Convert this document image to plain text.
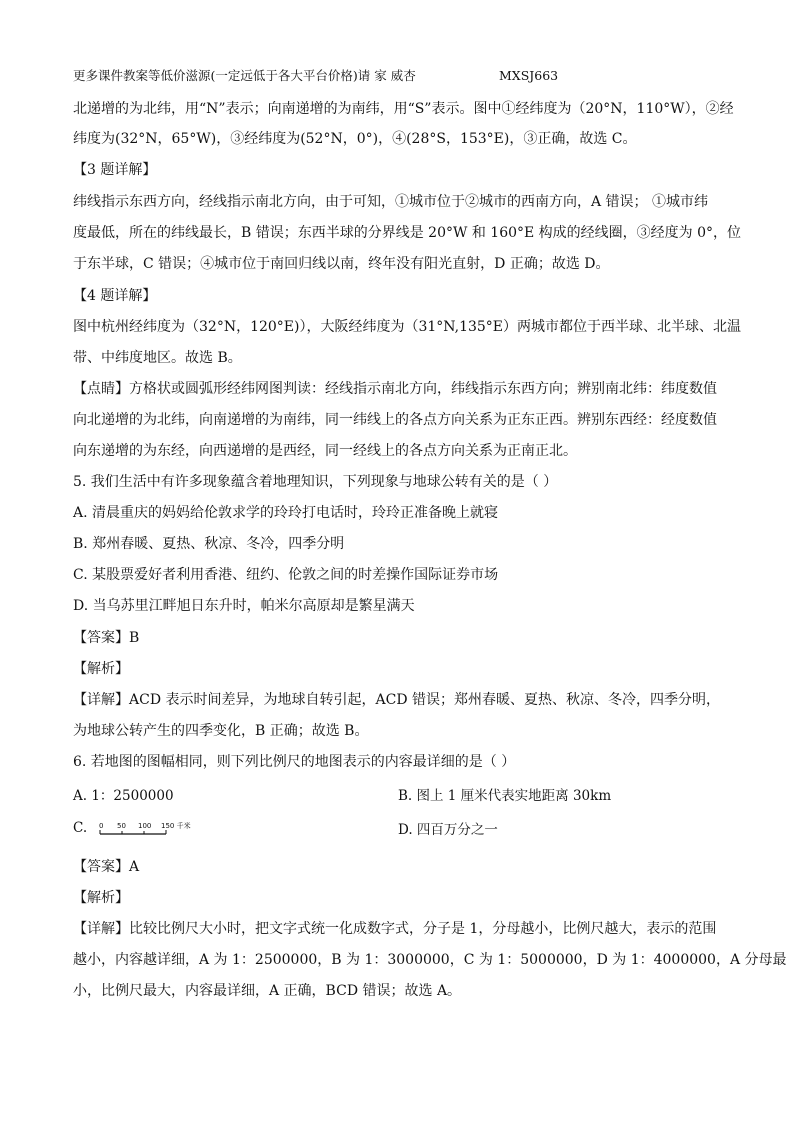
更多课件教案等低价滋源(一定远低于各大平台价格)请 家 威杏	MXSJ663
北递增的为北纬，用“N”表示；向南递增的为南纬，用“S”表示。图中①经纬度为（20°N，110°W），②经
纬度为(32°N，65°W)，③经纬度为(52°N，0°)，④(28°S，153°E)，③正确，故选 C。
【3 题详解】
纬线指示东西方向，经线指示南北方向，由于可知，①城市位于②城市的西南方向，A 错误； ①城市纬
度最低，所在的纬线最长，B 错误；东西半球的分界线是 20°W 和 160°E 构成的经线圈，③经度为 0°，位
于东半球，C 错误；④城市位于南回归线以南，终年没有阳光直射，D 正确；故选 D。
【4 题详解】
图中杭州经纬度为（32°N，120°E)），大阪经纬度为（31°N,135°E）两城市都位于西半球、北半球、北温
带、中纬度地区。故选 B。
【点睛】方格状或圆弧形经纬网图判读：经线指示南北方向，纬线指示东西方向；辨别南北纬：纬度数值
向北递增的为北纬，向南递增的为南纬，同一纬线上的各点方向关系为正东正西。辨别东西经：经度数值
向东递增的为东经，向西递增的是西经，同一经线上的各点方向关系为正南正北。
5. 我们生活中有许多现象蕴含着地理知识，下列现象与地球公转有关的是（ ）
A. 清晨重庆的妈妈给伦敦求学的玲玲打电话时，玲玲正准备晚上就寝
B. 郑州春暖、夏热、秋凉、冬冷，四季分明
C. 某股票爱好者利用香港、纽约、伦敦之间的时差操作国际证券市场
D. 当乌苏里江畔旭日东升时，帕米尔高原却是繁星满天
【答案】B
【解析】
【详解】ACD 表示时间差异，为地球自转引起，ACD 错误；郑州春暖、夏热、秋凉、冬冷，四季分明，
为地球公转产生的四季变化，B 正确；故选 B。
6. 若地图的图幅相同，则下列比例尺的地图表示的内容最详细的是（ ）
A. 1：2500000	B. 图上 1 厘米代表实地距离 30km
C. 0 50 100 150 千米	D. 四百万分之一
【答案】A
【解析】
【详解】比较比例尺大小时，把文字式统一化成数字式，分子是 1，分母越小，比例尺越大，表示的范围
越小，内容越详细，A 为 1：2500000，B 为 1：3000000，C 为 1：5000000，D 为 1：4000000，A 分母最
小，比例尺最大，内容最详细，A 正确，BCD 错误；故选 A。
